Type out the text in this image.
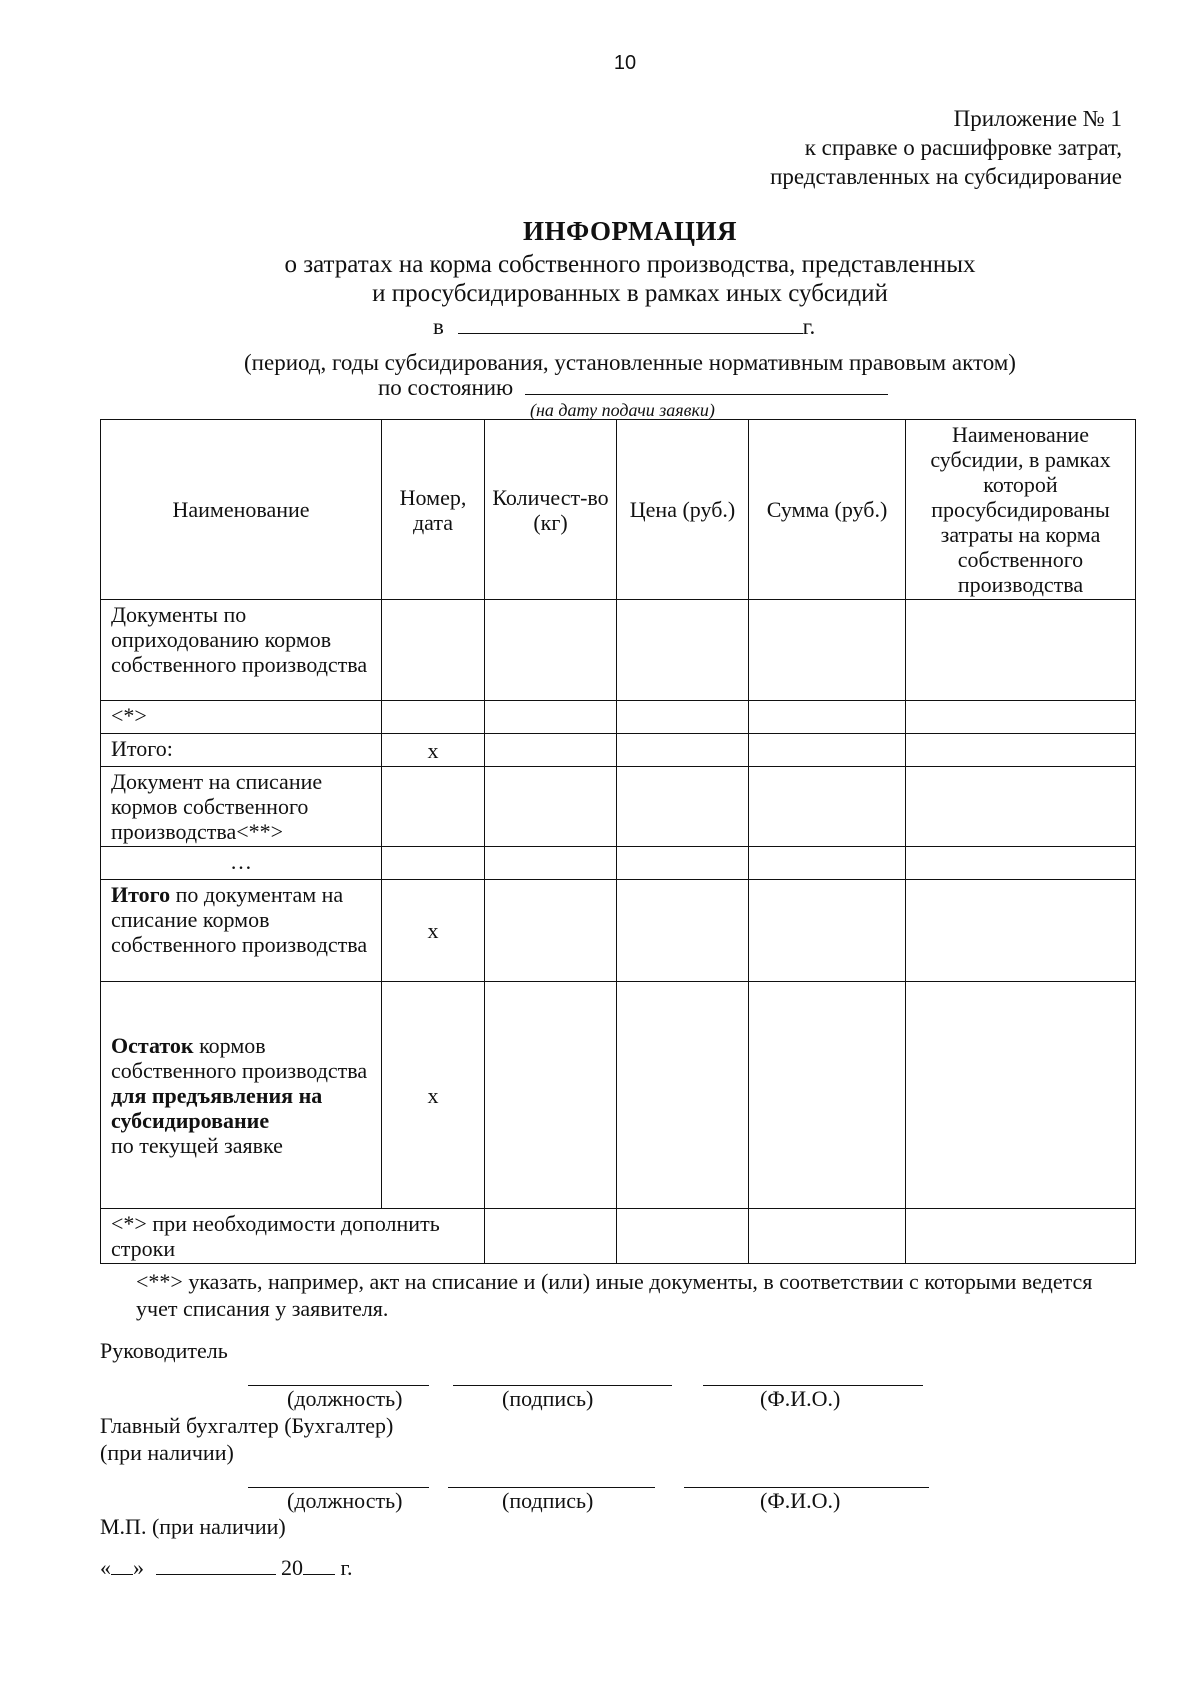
10
Приложение № 1
к справке о расшифровке затрат,
представленных на субсидирование
ИНФОРМАЦИЯ
о затратах на корма собственного производства, представленных
и просубсидированных в рамках иных субсидий
в	г.
(период, годы субсидирования, установленные нормативным правовым актом)
по состоянию
(на дату подачи заявки)
Наименование	Номер, дата	Количест-во (кг)	Цена (руб.)	Сумма (руб.)	Наименование субсидии, в рамках которой просубсидированы затраты на корма собственного производства
Документы по оприходованию кормов собственного производства					
<*>					
Итого:	х				
Документ на списание кормов собственного производства<**>					
…					
Итого по документам на списание кормов собственного производства	х				
Остаток кормов собственного производства для предъявления на субсидирование
по текущей заявке	х				
<*> при необходимости дополнить строки					
<**> указать, например, акт на списание и (или) иные документы, в соответствии с которыми ведется учет списания у заявителя.
Руководитель
(должность)	(подпись)	(Ф.И.О.)
Главный бухгалтер (Бухгалтер)
(при наличии)
(должность)	(подпись)	(Ф.И.О.)
М.П. (при наличии)
« »	20 г.
